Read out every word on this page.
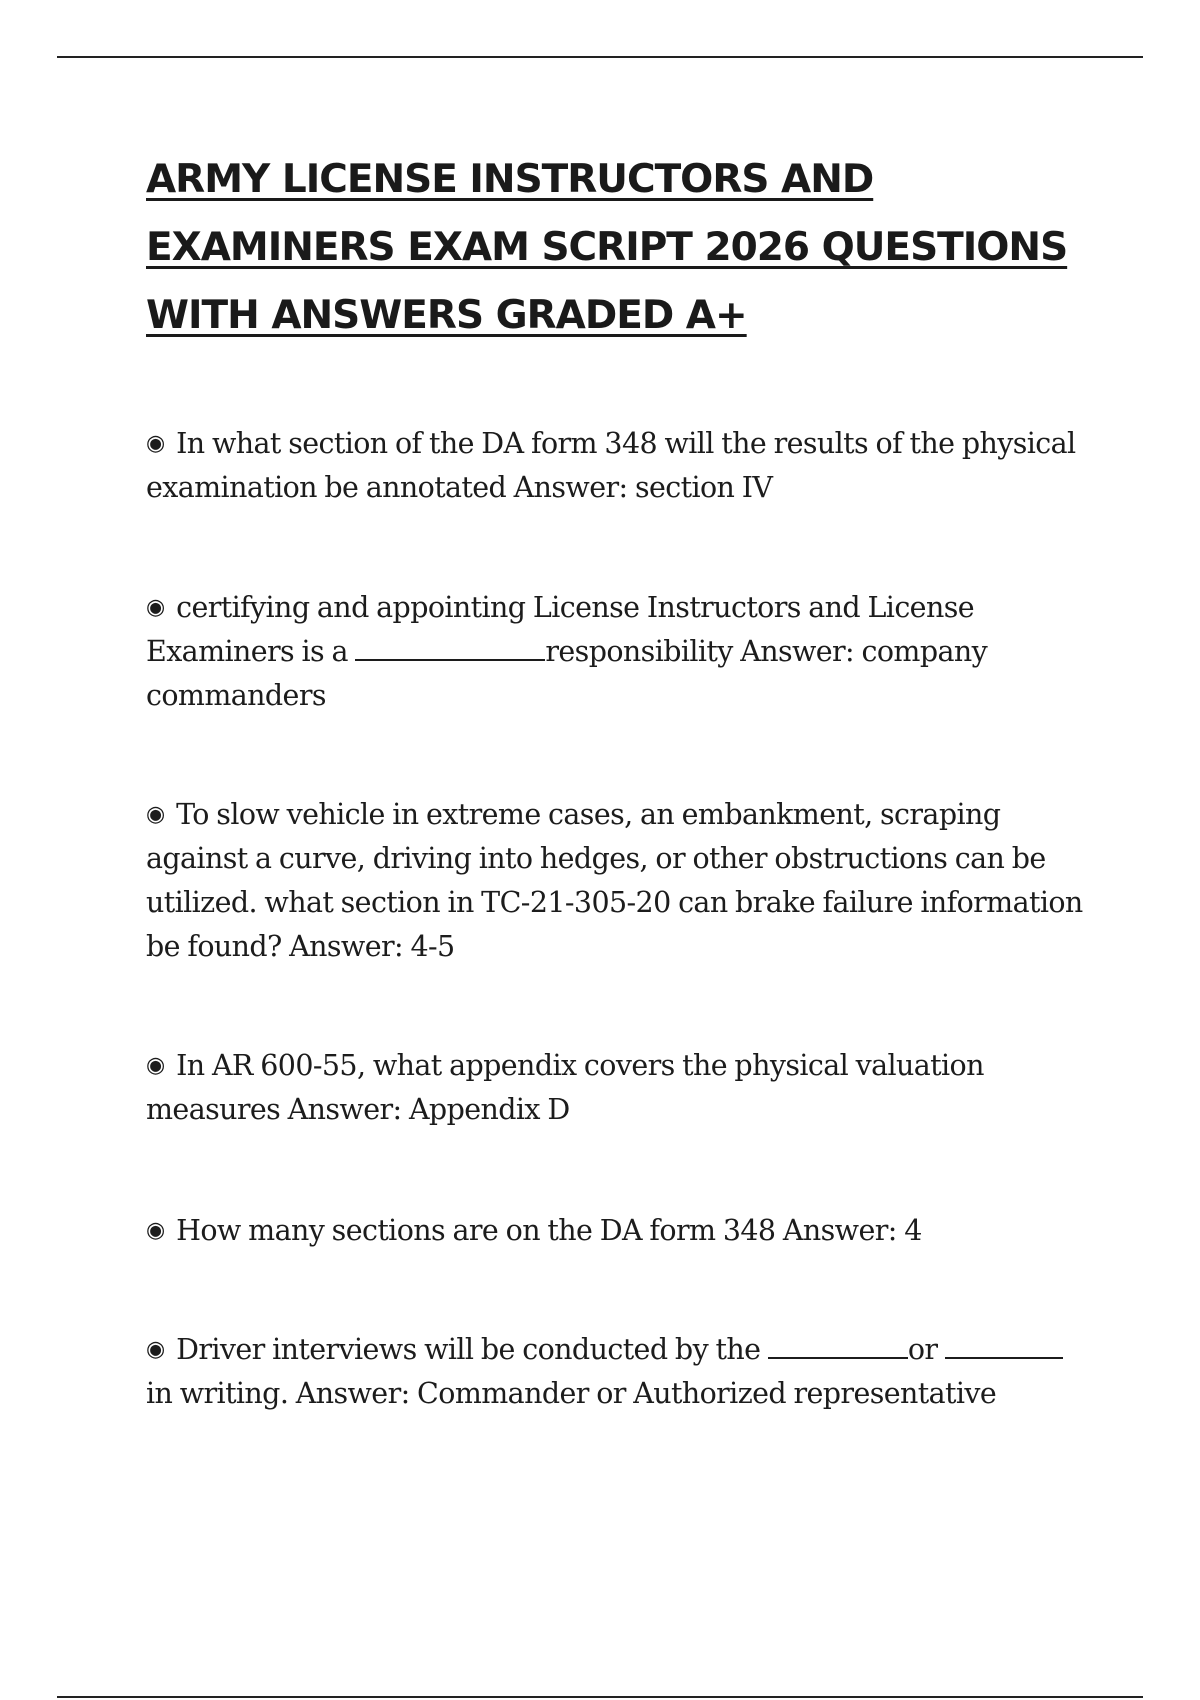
ARMY LICENSE INSTRUCTORS AND
EXAMINERS EXAM SCRIPT 2026 QUESTIONS
WITH ANSWERS GRADED A+

◉ In what section of the DA form 348 will the results of the physical examination be annotated Answer: section IV

◉ certifying and appointing License Instructors and License Examiners is a	responsibility Answer: company commanders

◉ To slow vehicle in extreme cases, an embankment, scraping against a curve, driving into hedges, or other obstructions can be utilized. what section in TC-21-305-20 can brake failure information be found? Answer: 4-5

◉ In AR 600-55, what appendix covers the physical valuation measures Answer: Appendix D

◉ How many sections are on the DA form 348 Answer: 4

◉ Driver interviews will be conducted by the	or  in writing. Answer: Commander or Authorized representative
